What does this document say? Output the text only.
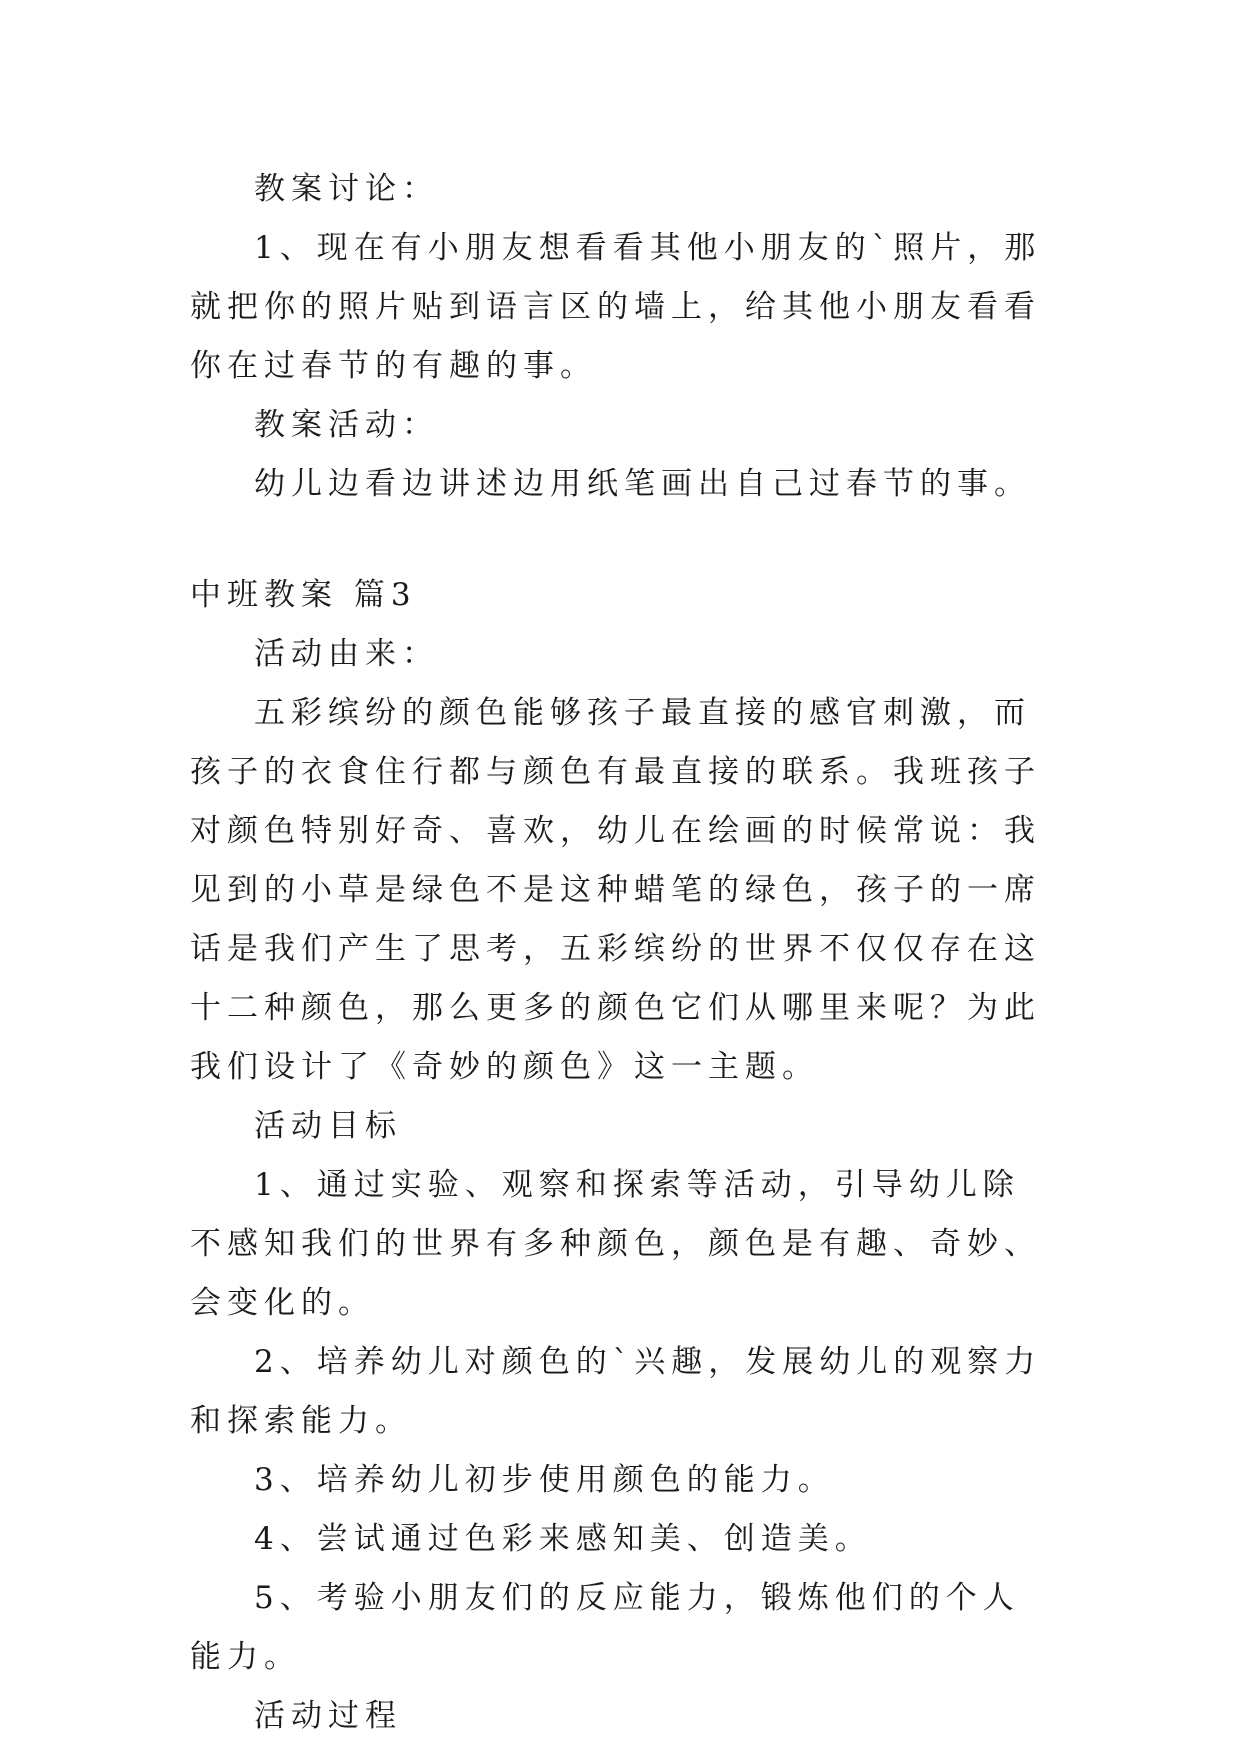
教案讨论：

1、现在有小朋友想看看其他小朋友的`照片，那就把你的照片贴到语言区的墙上，给其他小朋友看看你在过春节的有趣的事。

教案活动：

幼儿边看边讲述边用纸笔画出自己过春节的事。

中班教案 篇3

活动由来：

五彩缤纷的颜色能够孩子最直接的感官刺激，而孩子的衣食住行都与颜色有最直接的联系。我班孩子对颜色特别好奇、喜欢，幼儿在绘画的时候常说：我见到的小草是绿色不是这种蜡笔的绿色，孩子的一席话是我们产生了思考，五彩缤纷的世界不仅仅存在这十二种颜色，那么更多的颜色它们从哪里来呢？为此我们设计了《奇妙的颜色》这一主题。

活动目标

1、通过实验、观察和探索等活动，引导幼儿除不感知我们的世界有多种颜色，颜色是有趣、奇妙、会变化的。

2、培养幼儿对颜色的`兴趣，发展幼儿的观察力和探索能力。

3、培养幼儿初步使用颜色的能力。

4、尝试通过色彩来感知美、创造美。

5、考验小朋友们的反应能力，锻炼他们的个人能力。

活动过程
